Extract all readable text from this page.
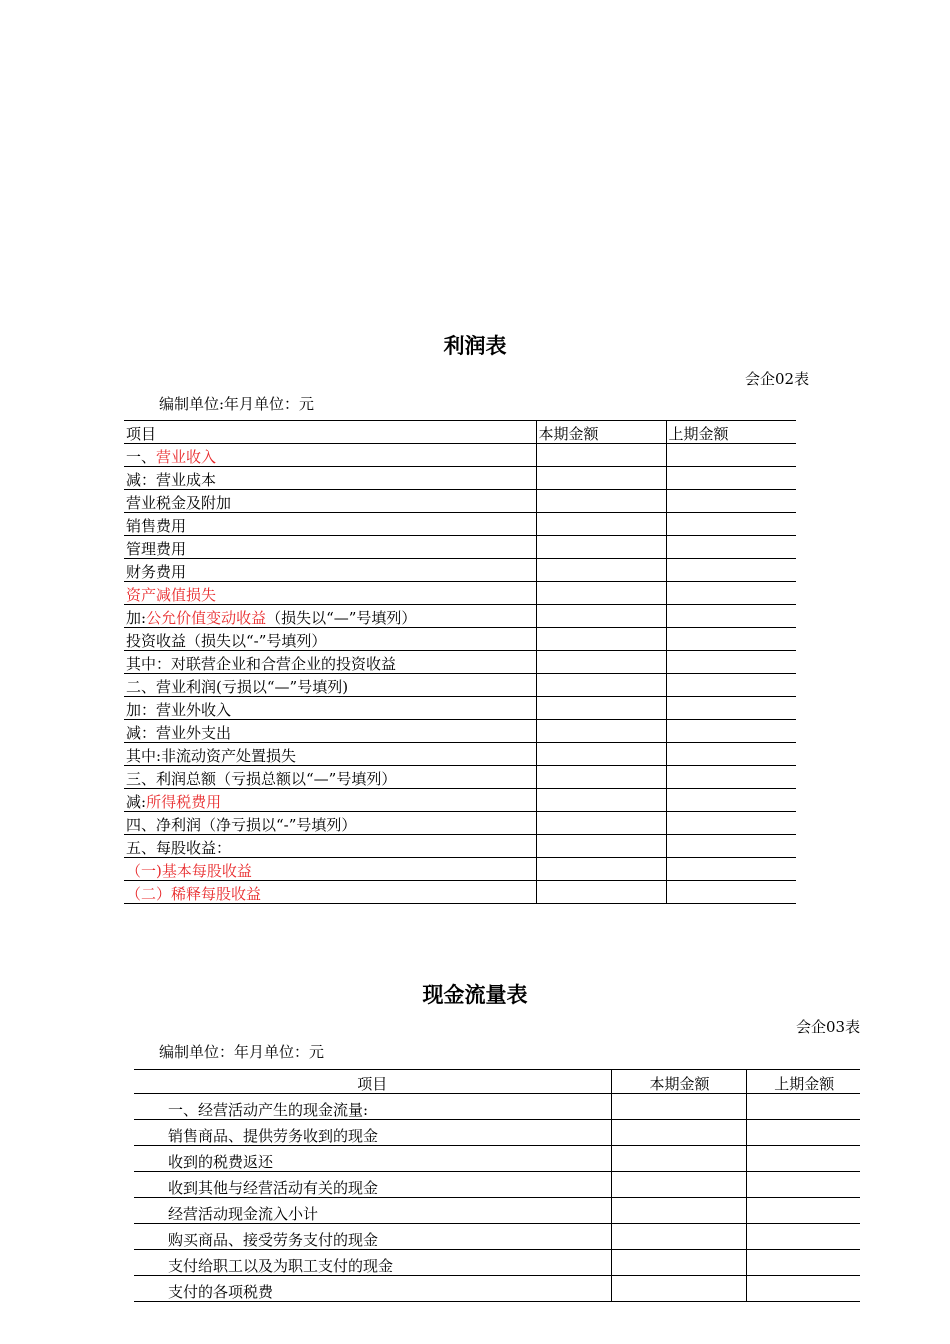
利润表
会企02表
编制单位:年月单位：元
项目	本期金额	上期金额
一、营业收入		
减：营业成本		
营业税金及附加		
销售费用		
管理费用		
财务费用		
资产减值损失		
加:公允价值变动收益（损失以“—”号填列）		
投资收益（损失以“-”号填列）		
其中：对联营企业和合营企业的投资收益		
二、营业利润(亏损以“—”号填列)		
加：营业外收入		
减：营业外支出		
其中:非流动资产处置损失		
三、利润总额（亏损总额以“—”号填列）		
减:所得税费用		
四、净利润（净亏损以“-”号填列）		
五、每股收益：		
（一)基本每股收益		
（二）稀释每股收益		
现金流量表
会企03表
编制单位：年月单位：元
项目	本期金额	上期金额
一、经营活动产生的现金流量:		
销售商品、提供劳务收到的现金		
收到的税费返还		
收到其他与经营活动有关的现金		
经营活动现金流入小计		
购买商品、接受劳务支付的现金		
支付给职工以及为职工支付的现金		
支付的各项税费		
